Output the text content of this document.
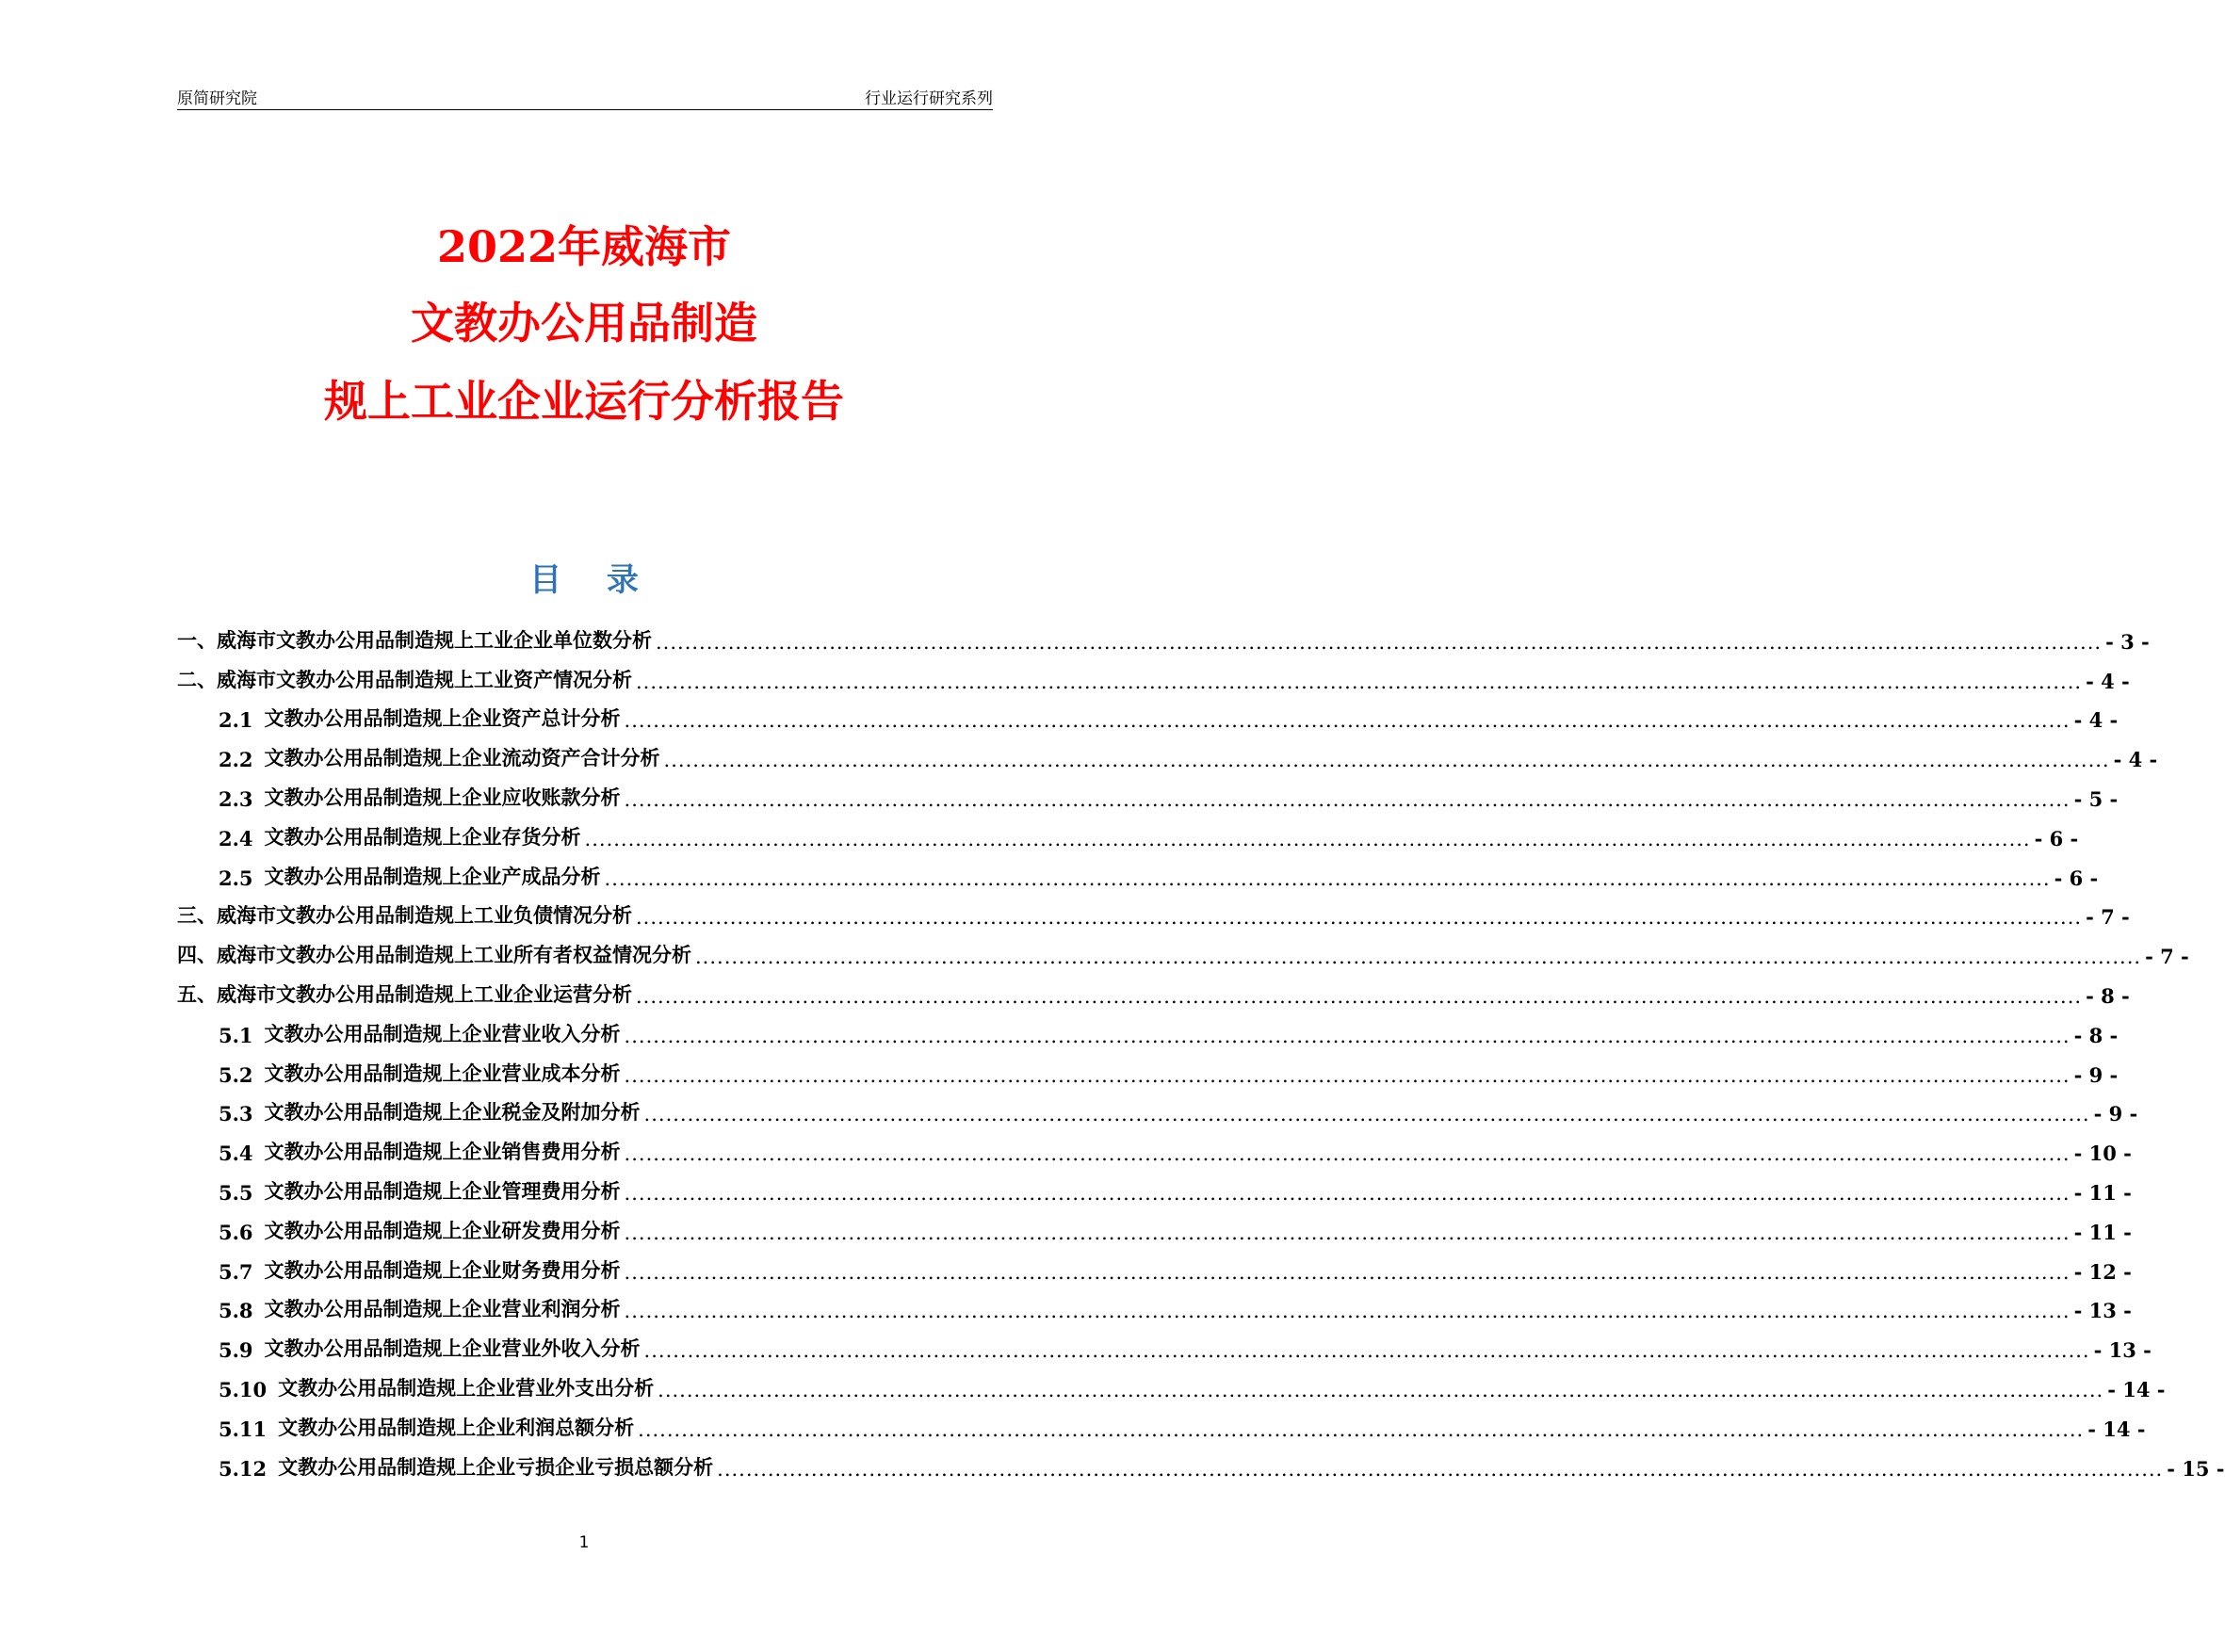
原简研究院	行业运行研究系列
2022年威海市
文教办公用品制造
规上工业企业运行分析报告
目 录
一、威海市文教办公用品制造规上工业企业单位数分析 ........................................................................................................................................................................................................ - 3 -
二、威海市文教办公用品制造规上工业资产情况分析 ........................................................................................................................................................................................................ - 4 -
2.1 文教办公用品制造规上企业资产总计分析 ........................................................................................................................................................................................................ - 4 -
2.2 文教办公用品制造规上企业流动资产合计分析 ........................................................................................................................................................................................................ - 4 -
2.3 文教办公用品制造规上企业应收账款分析 ........................................................................................................................................................................................................ - 5 -
2.4 文教办公用品制造规上企业存货分析 ........................................................................................................................................................................................................ - 6 -
2.5 文教办公用品制造规上企业产成品分析 ........................................................................................................................................................................................................ - 6 -
三、威海市文教办公用品制造规上工业负债情况分析 ........................................................................................................................................................................................................ - 7 -
四、威海市文教办公用品制造规上工业所有者权益情况分析 ........................................................................................................................................................................................................ - 7 -
五、威海市文教办公用品制造规上工业企业运营分析 ........................................................................................................................................................................................................ - 8 -
5.1 文教办公用品制造规上企业营业收入分析 ........................................................................................................................................................................................................ - 8 -
5.2 文教办公用品制造规上企业营业成本分析 ........................................................................................................................................................................................................ - 9 -
5.3 文教办公用品制造规上企业税金及附加分析 ........................................................................................................................................................................................................ - 9 -
5.4 文教办公用品制造规上企业销售费用分析 ........................................................................................................................................................................................................ - 10 -
5.5 文教办公用品制造规上企业管理费用分析 ........................................................................................................................................................................................................ - 11 -
5.6 文教办公用品制造规上企业研发费用分析 ........................................................................................................................................................................................................ - 11 -
5.7 文教办公用品制造规上企业财务费用分析 ........................................................................................................................................................................................................ - 12 -
5.8 文教办公用品制造规上企业营业利润分析 ........................................................................................................................................................................................................ - 13 -
5.9 文教办公用品制造规上企业营业外收入分析 ........................................................................................................................................................................................................ - 13 -
5.10 文教办公用品制造规上企业营业外支出分析 ........................................................................................................................................................................................................ - 14 -
5.11 文教办公用品制造规上企业利润总额分析 ........................................................................................................................................................................................................ - 14 -
5.12 文教办公用品制造规上企业亏损企业亏损总额分析 ........................................................................................................................................................................................................ - 15 -
1
